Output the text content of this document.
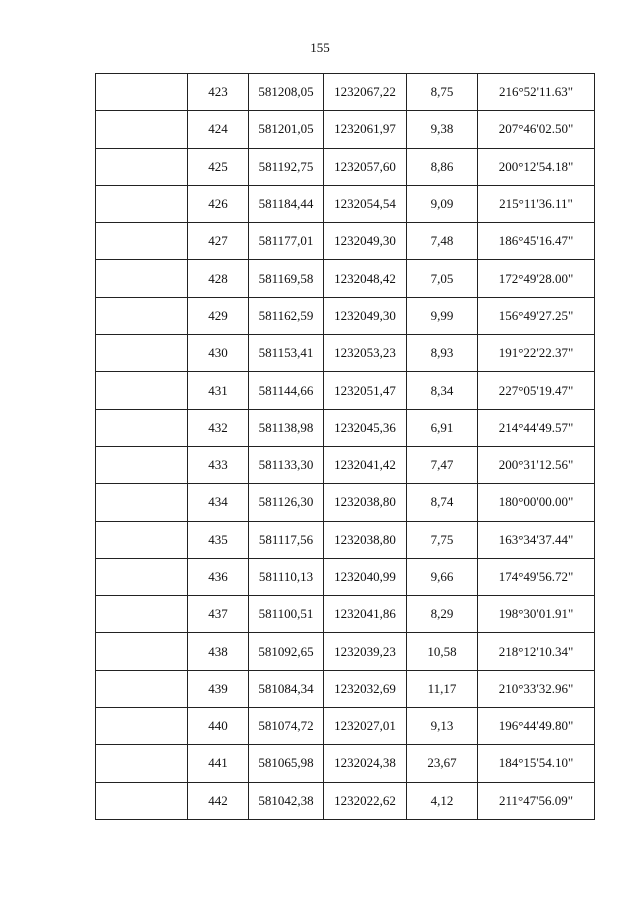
155
	423	581208,05	1232067,22	8,75	216°52'11.63"
	424	581201,05	1232061,97	9,38	207°46'02.50"
	425	581192,75	1232057,60	8,86	200°12'54.18"
	426	581184,44	1232054,54	9,09	215°11'36.11"
	427	581177,01	1232049,30	7,48	186°45'16.47"
	428	581169,58	1232048,42	7,05	172°49'28.00"
	429	581162,59	1232049,30	9,99	156°49'27.25"
	430	581153,41	1232053,23	8,93	191°22'22.37"
	431	581144,66	1232051,47	8,34	227°05'19.47"
	432	581138,98	1232045,36	6,91	214°44'49.57"
	433	581133,30	1232041,42	7,47	200°31'12.56"
	434	581126,30	1232038,80	8,74	180°00'00.00"
	435	581117,56	1232038,80	7,75	163°34'37.44"
	436	581110,13	1232040,99	9,66	174°49'56.72"
	437	581100,51	1232041,86	8,29	198°30'01.91"
	438	581092,65	1232039,23	10,58	218°12'10.34"
	439	581084,34	1232032,69	11,17	210°33'32.96"
	440	581074,72	1232027,01	9,13	196°44'49.80"
	441	581065,98	1232024,38	23,67	184°15'54.10"
	442	581042,38	1232022,62	4,12	211°47'56.09"
